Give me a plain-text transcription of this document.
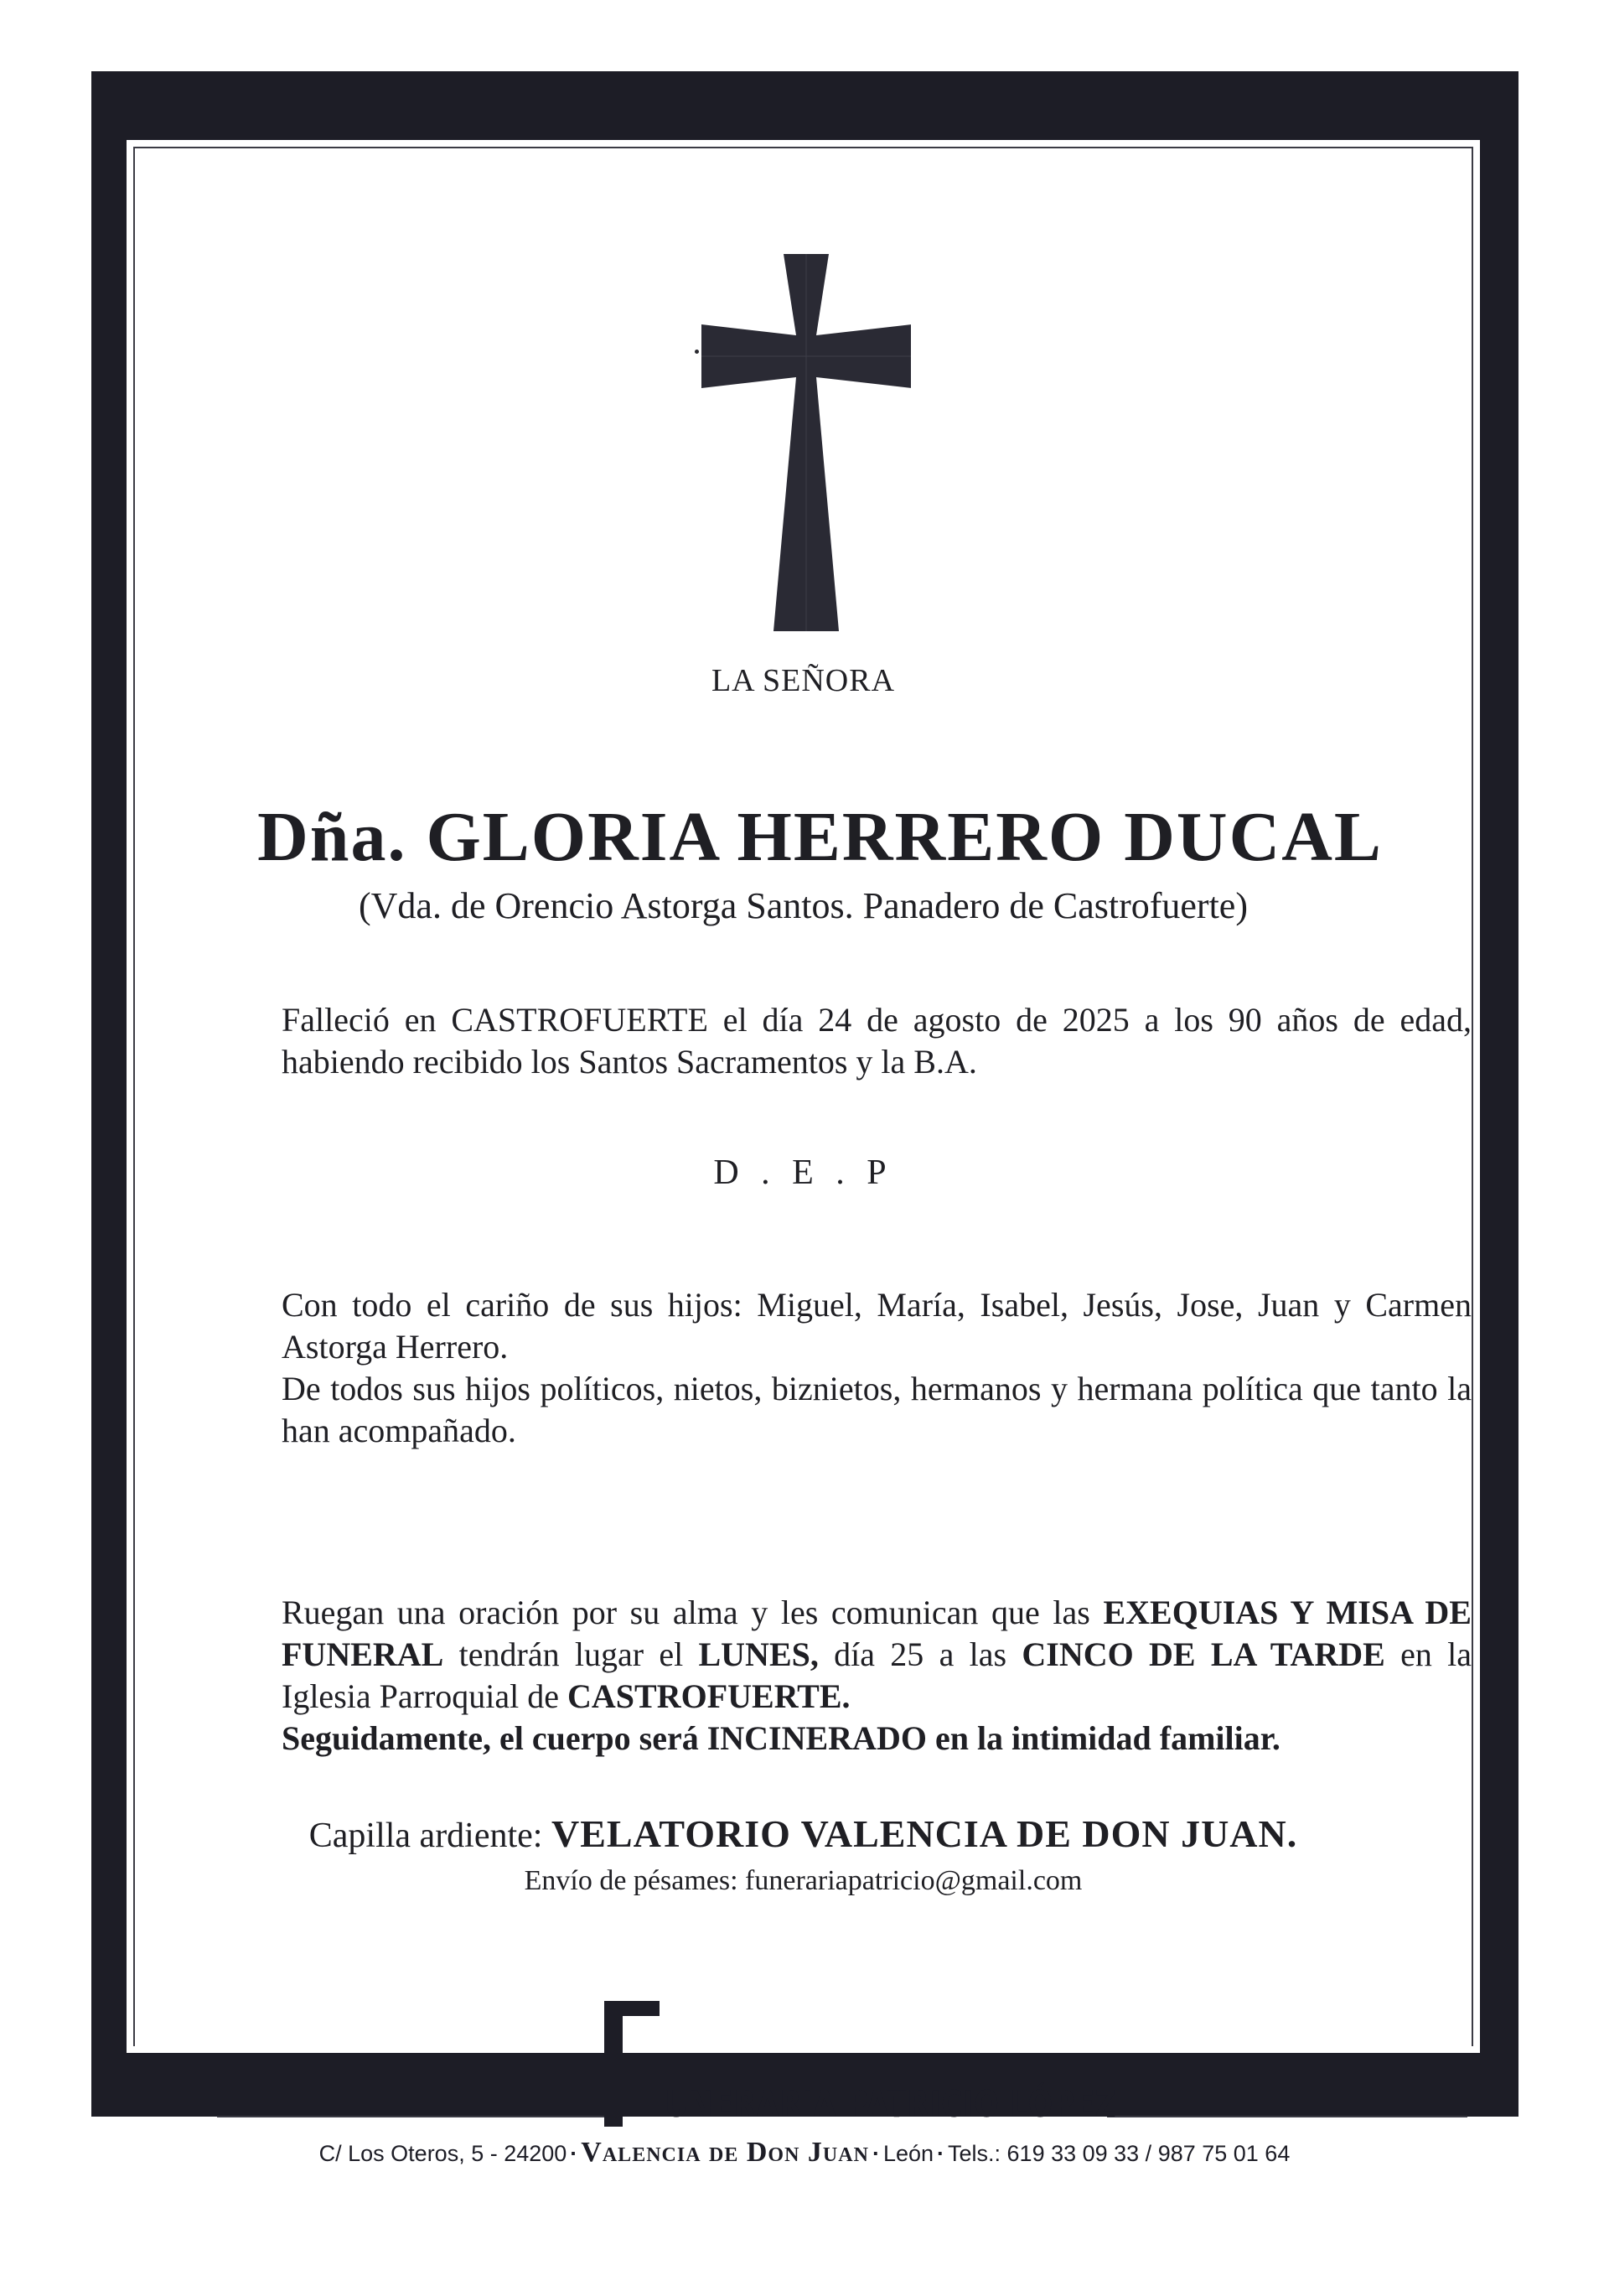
LA SEÑORA

Dña. GLORIA HERRERO DUCAL

(Vda. de Orencio Astorga Santos. Panadero de Castrofuerte)

Falleció en CASTROFUERTE el día 24 de agosto de 2025 a los 90 años de edad, habiendo recibido los Santos Sacramentos y la B.A.

D . E . P

Con todo el cariño de sus hijos: Miguel, María, Isabel, Jesús, Jose, Juan y Carmen Astorga Herrero.

De todos sus hijos políticos, nietos, biznietos, hermanos y hermana política que tanto la han acompañado.

Ruegan una oración por su alma y les comunican que las EXEQUIAS Y MISA DE FUNERAL tendrán lugar el LUNES, día 25 a las CINCO DE LA TARDE en la Iglesia Parroquial de CASTROFUERTE.
Seguidamente, el cuerpo será INCINERADO en la intimidad familiar.

Capilla ardiente: VELATORIO VALENCIA DE DON JUAN.

Envío de pésames: funerariapatricio@gmail.com

UNERARIA PATRICIO LÓPEZ
C/ Los Oteros, 5 - 24200 · Valencia de Don Juan · León · Tels.: 619 33 09 33 / 987 75 01 64
